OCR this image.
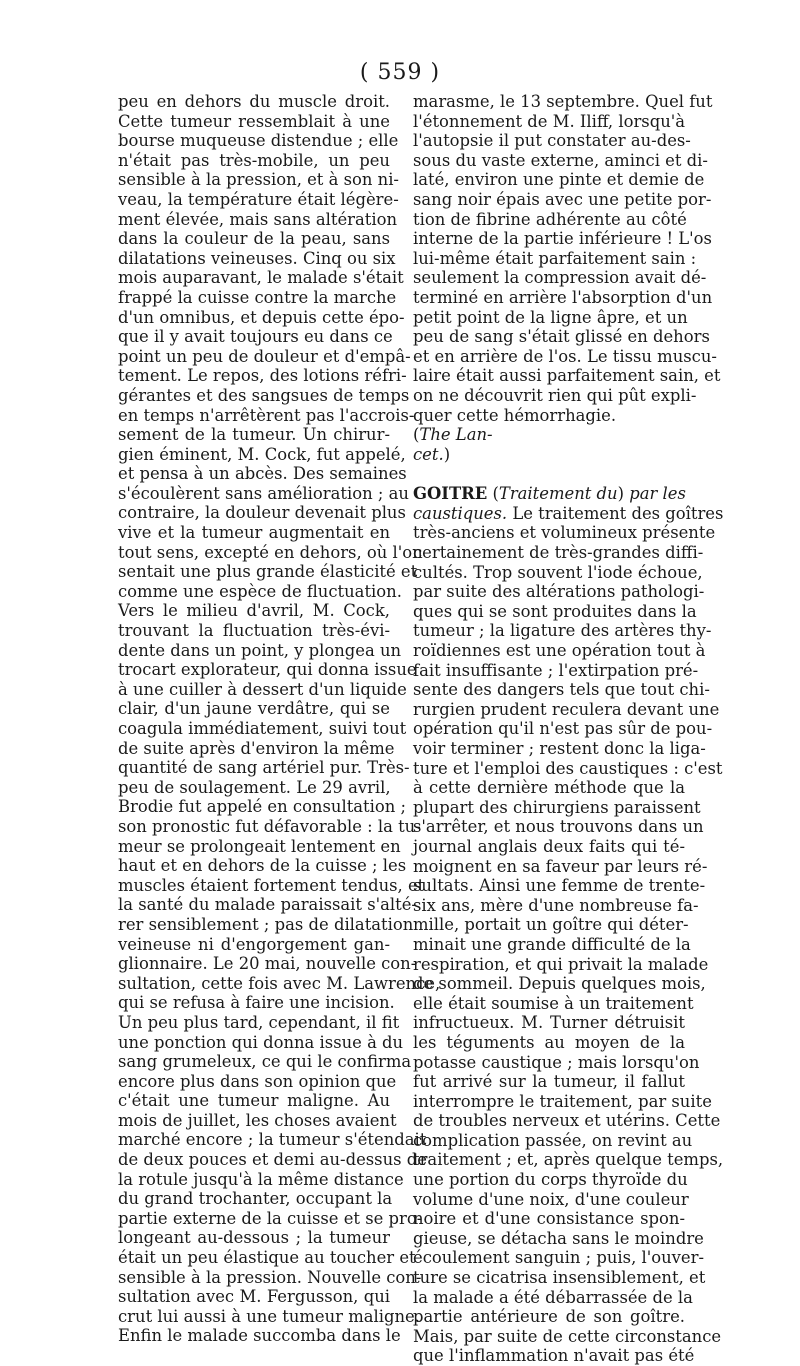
( 559 )
peu en dehors du muscle droit.
Cette tumeur ressemblait à une
bourse muqueuse distendue ; elle
n'était pas très-mobile, un peu
sensible à la pression, et à son ni-
veau, la température était légère-
ment élevée, mais sans altération
dans la couleur de la peau, sans
dilatations veineuses. Cinq ou six
mois auparavant, le malade s'était
frappé la cuisse contre la marche
d'un omnibus, et depuis cette épo-
que il y avait toujours eu dans ce
point un peu de douleur et d'empâ-
tement. Le repos, des lotions réfri-
gérantes et des sangsues de temps
en temps n'arrêtèrent pas l'accrois-
sement de la tumeur. Un chirur-
gien éminent, M. Cock, fut appelé,
et pensa à un abcès. Des semaines
s'écoulèrent sans amélioration ; au
contraire, la douleur devenait plus
vive et la tumeur augmentait en
tout sens, excepté en dehors, où l'on
sentait une plus grande élasticité et
comme une espèce de fluctuation.
Vers le milieu d'avril, M. Cock,
trouvant la fluctuation très-évi-
dente dans un point, y plongea un
trocart explorateur, qui donna issue
à une cuiller à dessert d'un liquide
clair, d'un jaune verdâtre, qui se
coagula immédiatement, suivi tout
de suite après d'environ la même
quantité de sang artériel pur. Très-
peu de soulagement. Le 29 avril,
Brodie fut appelé en consultation ;
son pronostic fut défavorable : la tu-
meur se prolongeait lentement en
haut et en dehors de la cuisse ; les
muscles étaient fortement tendus, et
la santé du malade paraissait s'alté-
rer sensiblement ; pas de dilatation
veineuse ni d'engorgement gan-
glionnaire. Le 20 mai, nouvelle con-
sultation, cette fois avec M. Lawrence,
qui se refusa à faire une incision.
Un peu plus tard, cependant, il fit
une ponction qui donna issue à du
sang grumeleux, ce qui le confirma
encore plus dans son opinion que
c'était une tumeur maligne. Au
mois de juillet, les choses avaient
marché encore ; la tumeur s'étendait
de deux pouces et demi au-dessus de
la rotule jusqu'à la même distance
du grand trochanter, occupant la
partie externe de la cuisse et se pro-
longeant au-dessous ; la tumeur
était un peu élastique au toucher et
sensible à la pression. Nouvelle con-
sultation avec M. Fergusson, qui
crut lui aussi à une tumeur maligne.
Enfin le malade succomba dans le
marasme, le 13 septembre. Quel fut
l'étonnement de M. Iliff, lorsqu'à
l'autopsie il put constater au-des-
sous du vaste externe, aminci et di-
laté, environ une pinte et demie de
sang noir épais avec une petite por-
tion de fibrine adhérente au côté
interne de la partie inférieure ! L'os
lui-même était parfaitement sain :
seulement la compression avait dé-
terminé en arrière l'absorption d'un
petit point de la ligne âpre, et un
peu de sang s'était glissé en dehors
et en arrière de l'os. Le tissu muscu-
laire était aussi parfaitement sain, et
on ne découvrit rien qui pût expli-
quer cette hémorrhagie.
(The Lan-
cet.)
GOITRE (Traitement du) par les
caustiques. Le traitement des goîtres
très-anciens et volumineux présente
certainement de très-grandes diffi-
cultés. Trop souvent l'iode échoue,
par suite des altérations pathologi-
ques qui se sont produites dans la
tumeur ; la ligature des artères thy-
roïdiennes est une opération tout à
fait insuffisante ; l'extirpation pré-
sente des dangers tels que tout chi-
rurgien prudent reculera devant une
opération qu'il n'est pas sûr de pou-
voir terminer ; restent donc la liga-
ture et l'emploi des caustiques : c'est
à cette dernière méthode que la
plupart des chirurgiens paraissent
s'arrêter, et nous trouvons dans un
journal anglais deux faits qui té-
moignent en sa faveur par leurs ré-
sultats. Ainsi une femme de trente-
six ans, mère d'une nombreuse fa-
mille, portait un goître qui déter-
minait une grande difficulté de la
respiration, et qui privait la malade
de sommeil. Depuis quelques mois,
elle était soumise à un traitement
infructueux. M. Turner détruisit
les téguments au moyen de la
potasse caustique ; mais lorsqu'on
fut arrivé sur la tumeur, il fallut
interrompre le traitement, par suite
de troubles nerveux et utérins. Cette
complication passée, on revint au
traitement ; et, après quelque temps,
une portion du corps thyroïde du
volume d'une noix, d'une couleur
noire et d'une consistance spon-
gieuse, se détacha sans le moindre
écoulement sanguin ; puis, l'ouver-
ture se cicatrisa insensiblement, et
la malade a été débarrassée de la
partie antérieure de son goître.
Mais, par suite de cette circonstance
que l'inflammation n'avait pas été
